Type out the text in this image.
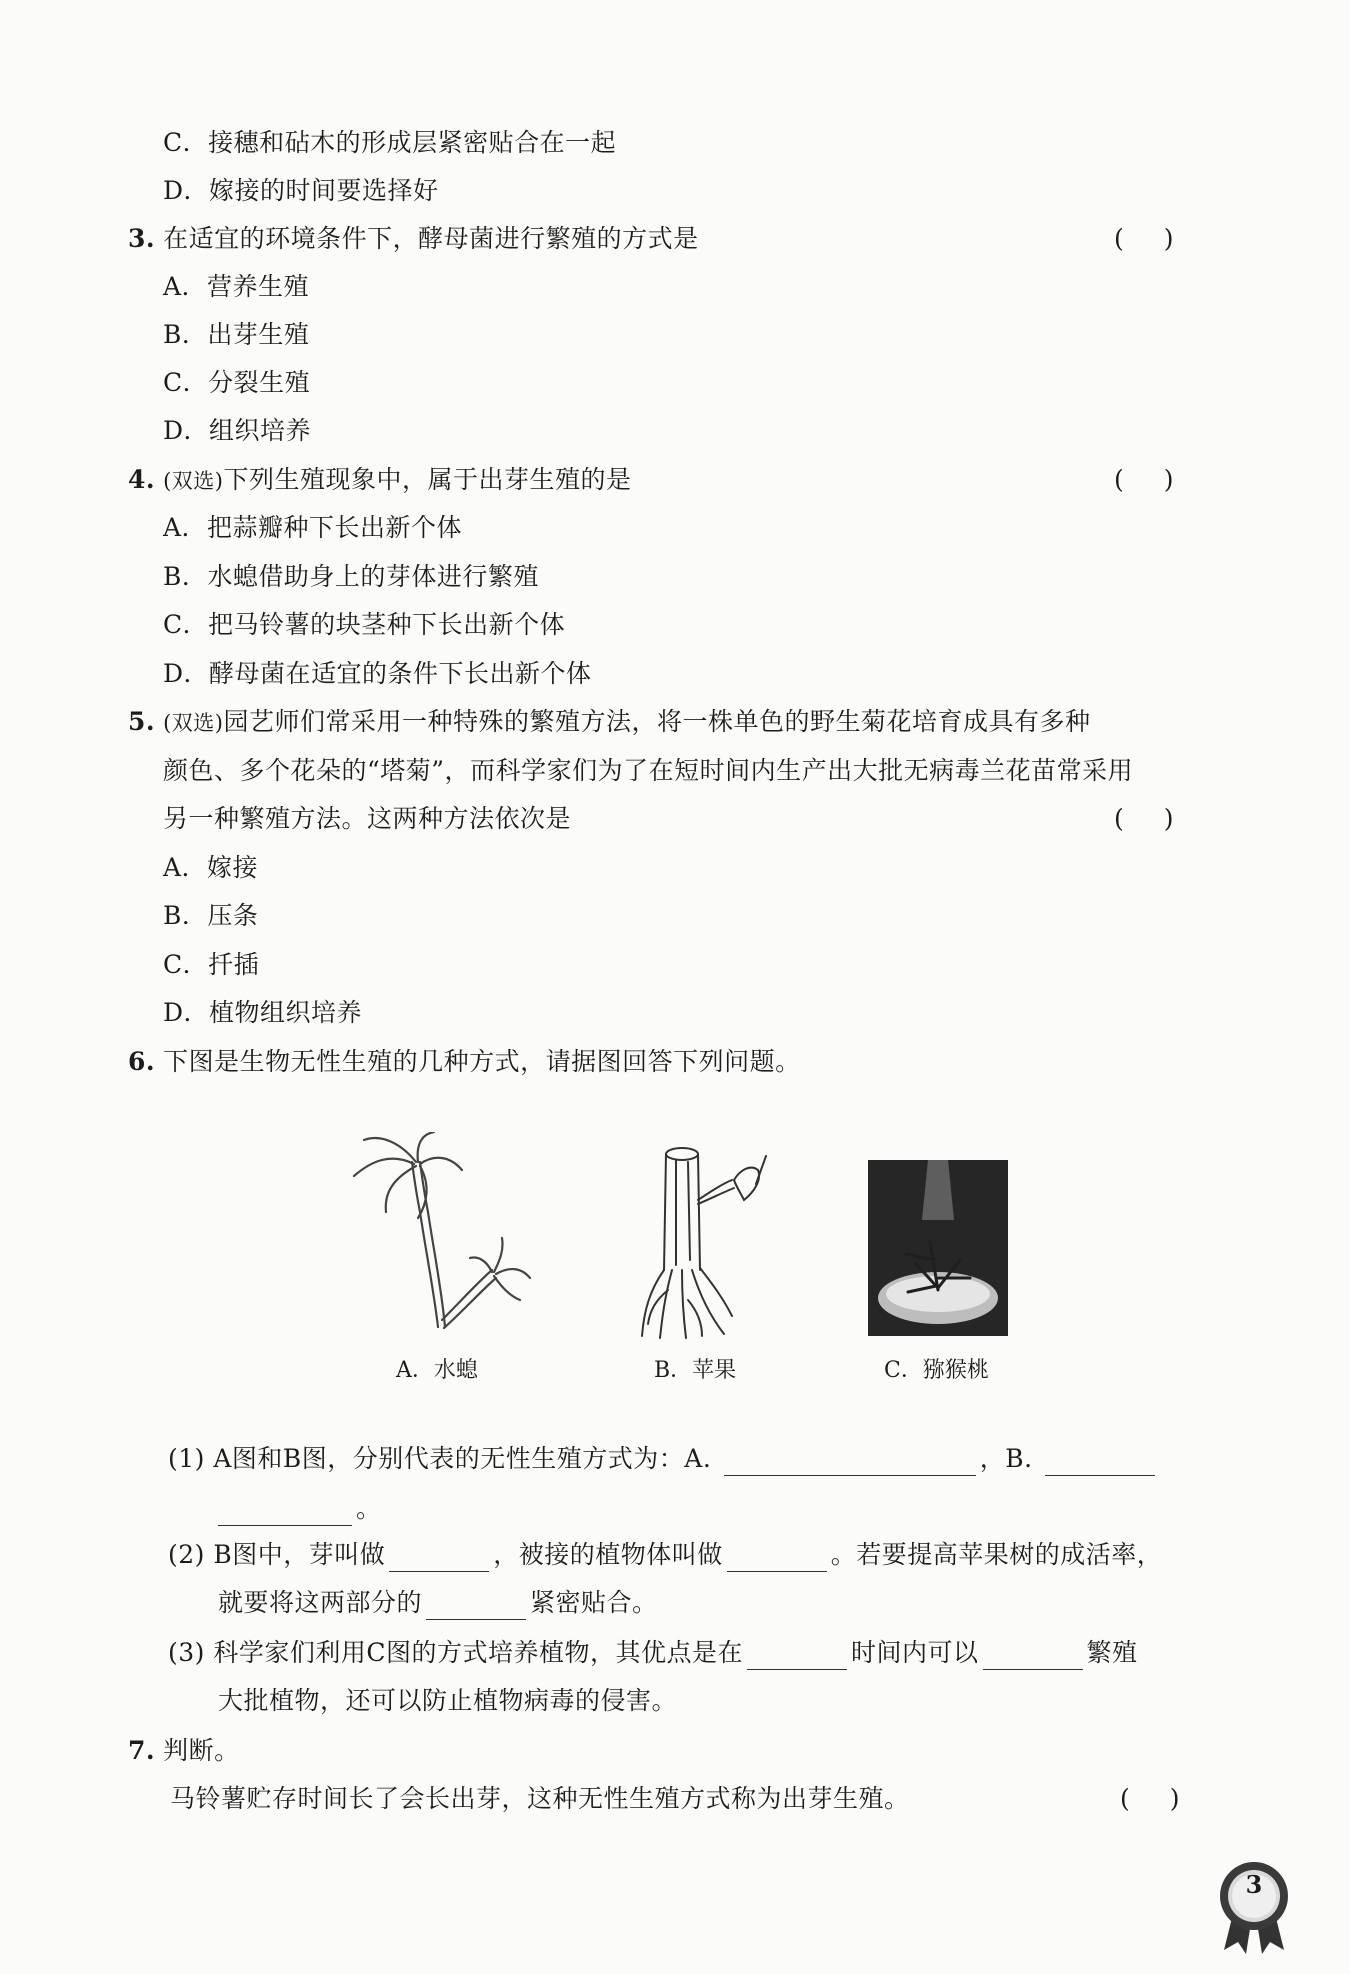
C．接穗和砧木的形成层紧密贴合在一起
D．嫁接的时间要选择好
3. 在适宜的环境条件下，酵母菌进行繁殖的方式是	()
A．营养生殖
B．出芽生殖
C．分裂生殖
D．组织培养
4. (双选)下列生殖现象中，属于出芽生殖的是	()
A．把蒜瓣种下长出新个体
B．水螅借助身上的芽体进行繁殖
C．把马铃薯的块茎种下长出新个体
D．酵母菌在适宜的条件下长出新个体
5. (双选)园艺师们常采用一种特殊的繁殖方法，将一株单色的野生菊花培育成具有多种
颜色、多个花朵的“塔菊”，而科学家们为了在短时间内生产出大批无病毒兰花苗常采用
另一种繁殖方法。这两种方法依次是	()
A．嫁接
B．压条
C．扦插
D．植物组织培养
6. 下图是生物无性生殖的几种方式，请据图回答下列问题。
A．水螅	B．苹果	C．猕猴桃
(1) A图和B图，分别代表的无性生殖方式为：A.	，B.
。
(2) B图中，芽叫做	，被接的植物体叫做	。若要提高苹果树的成活率，
就要将这两部分的	紧密贴合。
(3) 科学家们利用C图的方式培养植物，其优点是在	时间内可以	繁殖
大批植物，还可以防止植物病毒的侵害。
7. 判断。
马铃薯贮存时间长了会长出芽，这种无性生殖方式称为出芽生殖。	()
3
